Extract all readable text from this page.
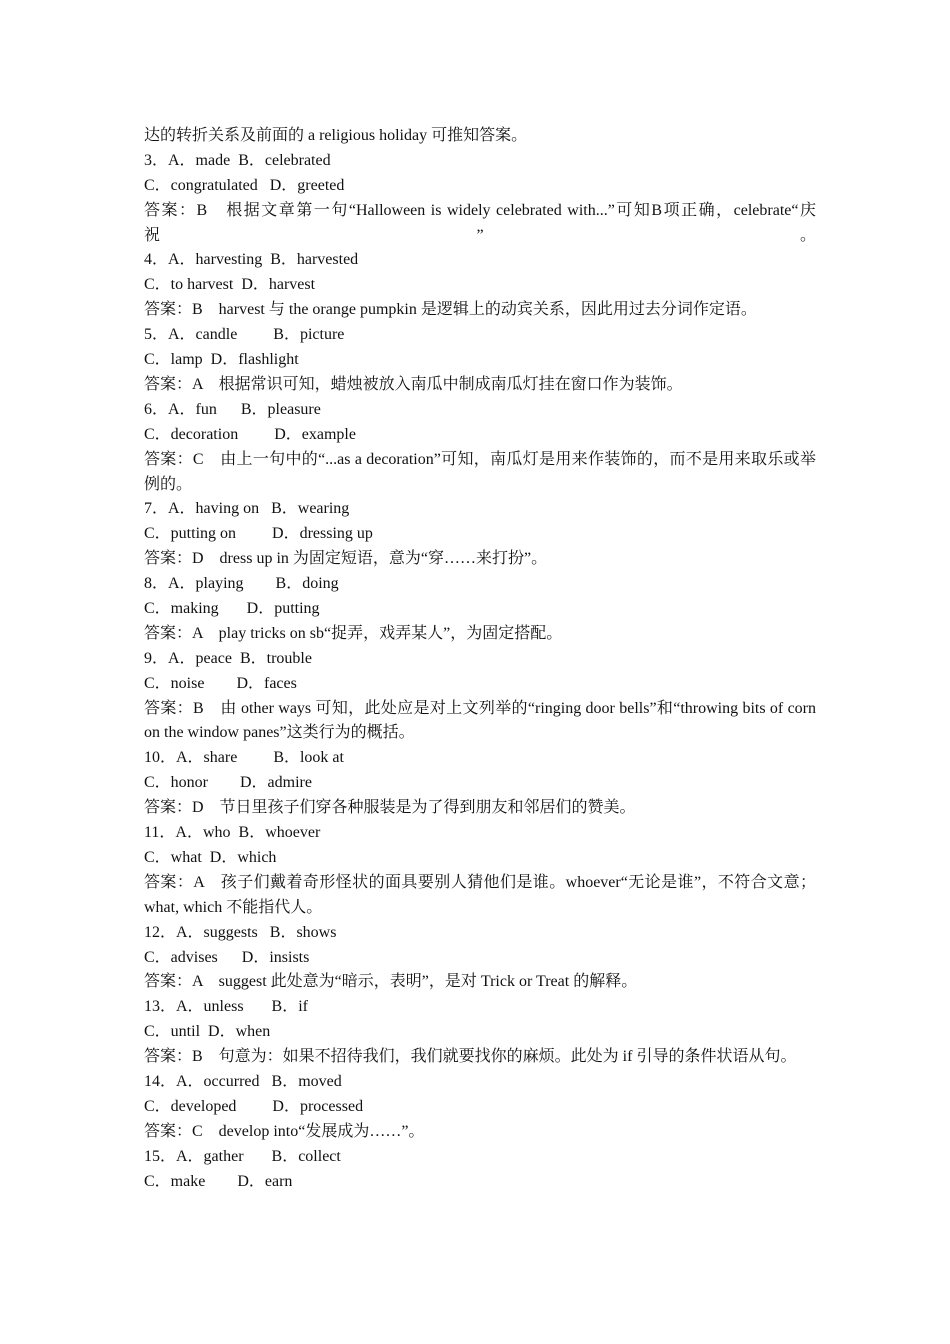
达的转折关系及前面的 a religious holiday 可推知答案。
3．A．made  B．celebrated
C．congratulated   D．greeted
答案：B　根据文章第一句“Halloween is widely celebrated with...”可知B项正确，celebrate“庆祝”。
4．A．harvesting  B．harvested
C．to harvest  D．harvest
答案：B　harvest 与 the orange pumpkin 是逻辑上的动宾关系，因此用过去分词作定语。
5．A．candle         B．picture
C．lamp  D．flashlight
答案：A　根据常识可知，蜡烛被放入南瓜中制成南瓜灯挂在窗口作为装饰。
6．A．fun      B．pleasure
C．decoration         D．example
答案：C　由上一句中的“...as a decoration”可知，南瓜灯是用来作装饰的，而不是用来取乐或举例的。
7．A．having on   B．wearing
C．putting on         D．dressing up
答案：D　dress up in 为固定短语，意为“穿……来打扮”。
8．A．playing        B．doing
C．making       D．putting
答案：A　play tricks on sb“捉弄，戏弄某人”，为固定搭配。
9．A．peace  B．trouble
C．noise        D．faces
答案：B　由 other ways 可知，此处应是对上文列举的“ringing door bells”和“throwing bits of corn on the window panes”这类行为的概括。
10．A．share         B．look at
C．honor        D．admire
答案：D　节日里孩子们穿各种服装是为了得到朋友和邻居们的赞美。
11．A．who  B．whoever
C．what  D．which
答案：A　孩子们戴着奇形怪状的面具要别人猜他们是谁。whoever“无论是谁”，不符合文意；what, which 不能指代人。
12．A．suggests   B．shows
C．advises      D．insists
答案：A　suggest 此处意为“暗示，表明”，是对 Trick or Treat 的解释。
13．A．unless       B．if
C．until  D．when
答案：B　句意为：如果不招待我们，我们就要找你的麻烦。此处为 if 引导的条件状语从句。
14．A．occurred   B．moved
C．developed         D．processed
答案：C　develop into“发展成为……”。
15．A．gather       B．collect
C．make        D．earn
